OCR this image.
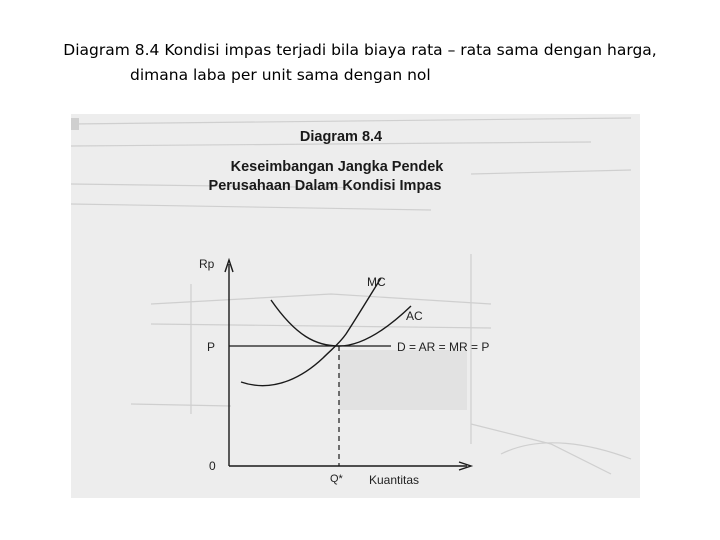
Diagram 8.4 Kondisi impas terjadi bila biaya rata – rata sama dengan harga,
dimana laba per unit sama dengan nol
Diagram 8.4
Keseimbangan Jangka Pendek
Perusahaan Dalam Kondisi Impas
Rp
P
0
Q* Kuantitas
MC
AC
D = AR = MR = P
